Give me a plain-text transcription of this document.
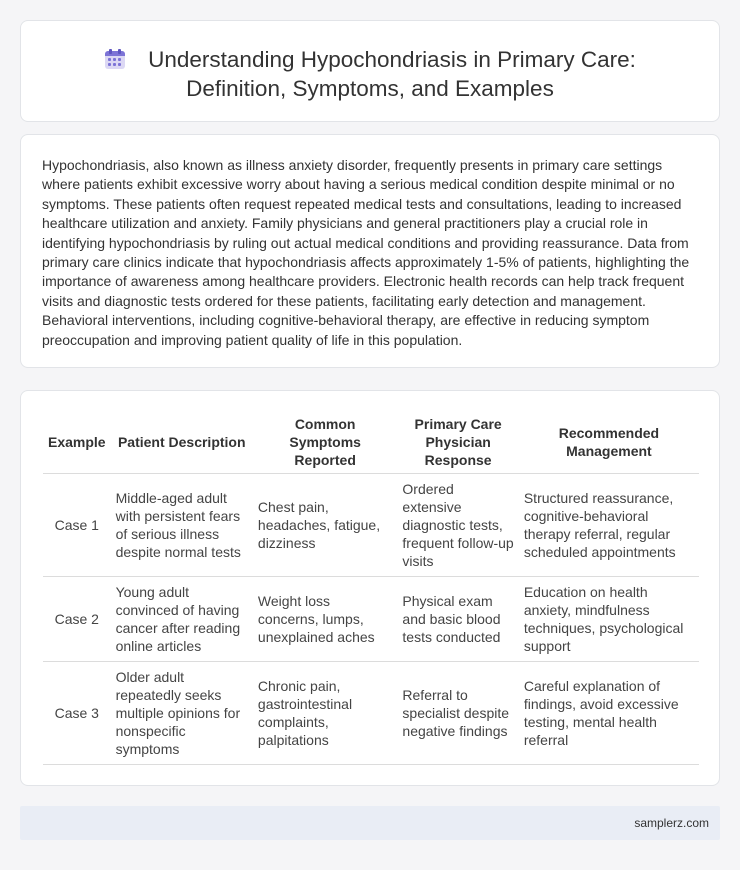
Understanding Hypochondriasis in Primary Care:
Definition, Symptoms, and Examples

Hypochondriasis, also known as illness anxiety disorder, frequently presents in primary care settings where patients exhibit excessive worry about having a serious medical condition despite minimal or no symptoms. These patients often request repeated medical tests and consultations, leading to increased healthcare utilization and anxiety. Family physicians and general practitioners play a crucial role in identifying hypochondriasis by ruling out actual medical conditions and providing reassurance. Data from primary care clinics indicate that hypochondriasis affects approximately 1-5% of patients, highlighting the importance of awareness among healthcare providers. Electronic health records can help track frequent visits and diagnostic tests ordered for these patients, facilitating early detection and management. Behavioral interventions, including cognitive-behavioral therapy, are effective in reducing symptom preoccupation and improving patient quality of life in this population.

Example	Patient Description	Common Symptoms Reported	Primary Care Physician Response	Recommended Management
Case 1	Middle-aged adult with persistent fears of serious illness despite normal tests	Chest pain, headaches, fatigue, dizziness	Ordered extensive diagnostic tests, frequent follow-up visits	Structured reassurance, cognitive-behavioral therapy referral, regular scheduled appointments
Case 2	Young adult convinced of having cancer after reading online articles	Weight loss concerns, lumps, unexplained aches	Physical exam and basic blood tests conducted	Education on health anxiety, mindfulness techniques, psychological support
Case 3	Older adult repeatedly seeks multiple opinions for nonspecific symptoms	Chronic pain, gastrointestinal complaints, palpitations	Referral to specialist despite negative findings	Careful explanation of findings, avoid excessive testing, mental health referral
samplerz.com
